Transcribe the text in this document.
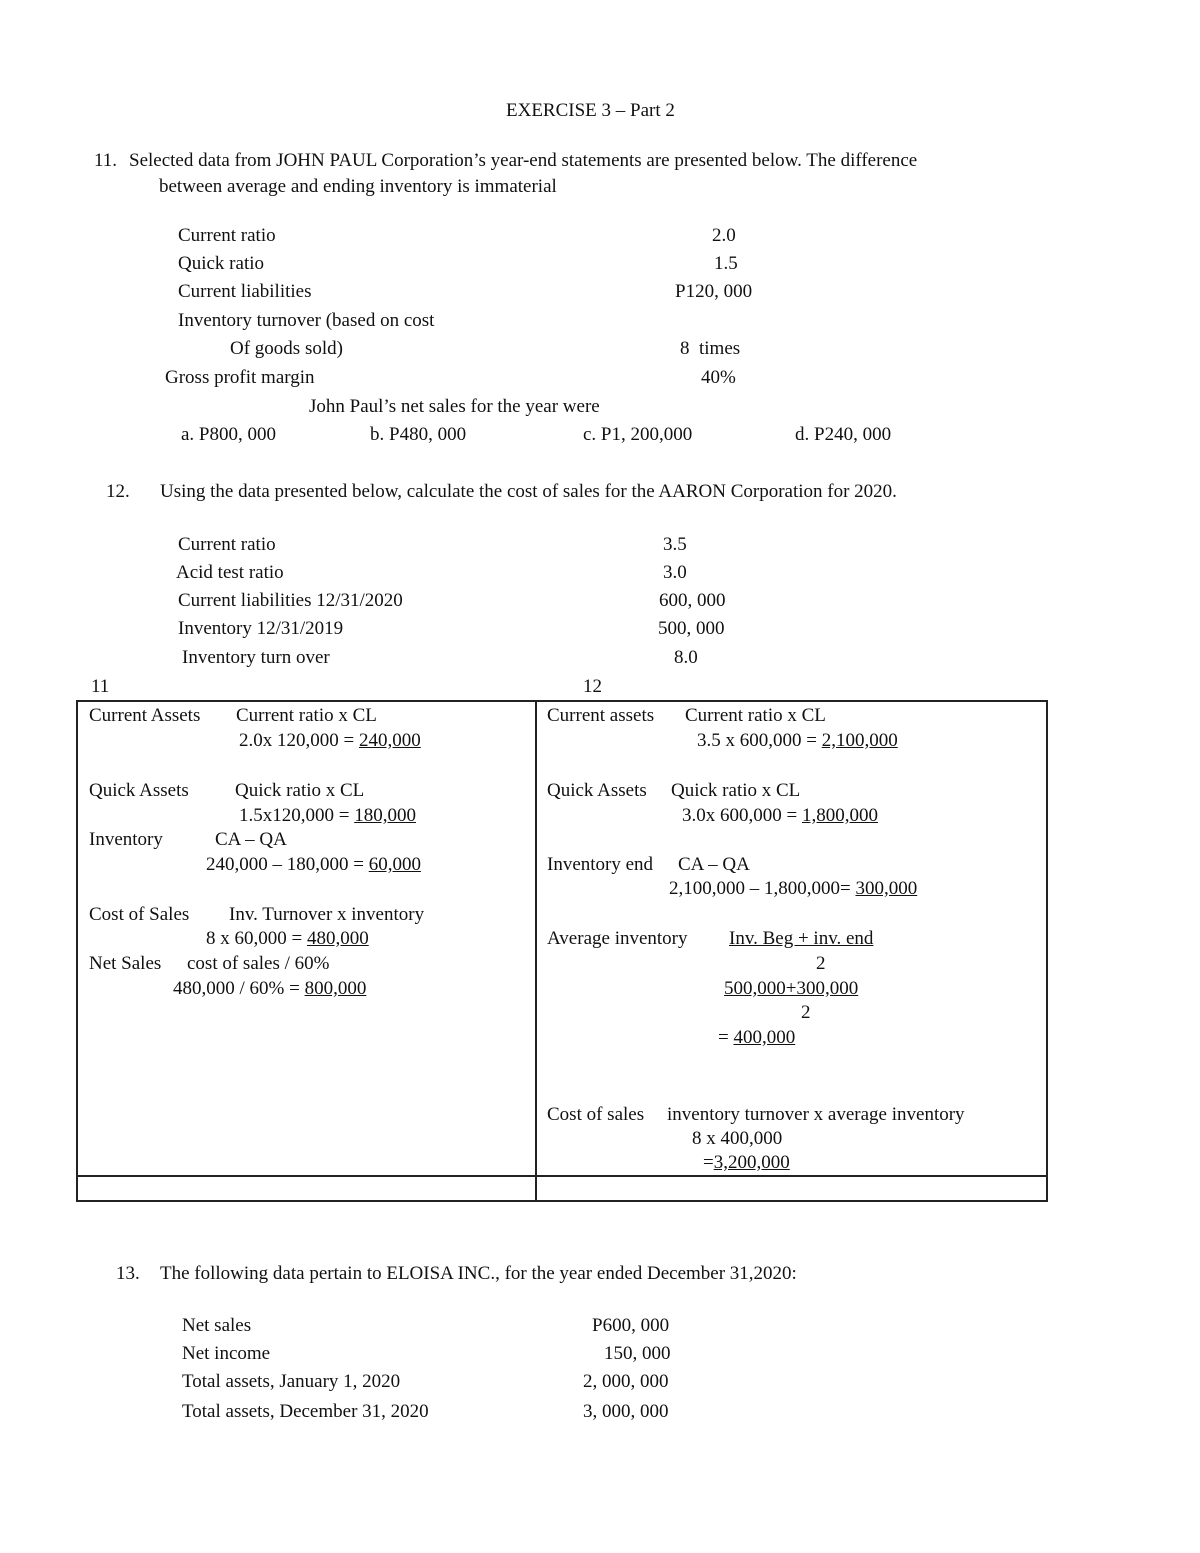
EXERCISE 3 – Part 2
11. Selected data from JOHN PAUL Corporation’s year-end statements are presented below. The difference
between average and ending inventory is immaterial
Current ratio	2.0
Quick ratio	1.5
Current liabilities	P120, 000
Inventory turnover (based on cost
Of goods sold)	8  times
Gross profit margin	40%
John Paul’s net sales for the year were
a. P800, 000	b. P480, 000	c. P1, 200,000	d. P240, 000
12. Using the data presented below, calculate the cost of sales for the AARON Corporation for 2020.
Current ratio	3.5
Acid test ratio	3.0
Current liabilities 12/31/2020	600, 000
Inventory 12/31/2019	500, 000
Inventory turn over	8.0
11	12
Current Assets Current ratio x CL
2.0x 120,000 = 240,000
Quick Assets Quick ratio x CL
1.5x120,000 = 180,000
Inventory	CA – QA
240,000 – 180,000 = 60,000
Cost of Sales Inv. Turnover x inventory
8 x 60,000 = 480,000
Net Sales cost of sales / 60%
480,000 / 60% = 800,000
Current assets Current ratio x CL
3.5 x 600,000 = 2,100,000
Quick Assets Quick ratio x CL
3.0x 600,000 = 1,800,000
Inventory end CA – QA
2,100,000 – 1,800,000= 300,000
Average inventory Inv. Beg + inv. end
2
500,000+300,000
2
= 400,000
Cost of sales inventory turnover x average inventory
8 x 400,000
=3,200,000
13. The following data pertain to ELOISA INC., for the year ended December 31,2020:
Net sales	P600, 000
Net income	150, 000
Total assets, January 1, 2020	2, 000, 000
Total assets, December 31, 2020	3, 000, 000
